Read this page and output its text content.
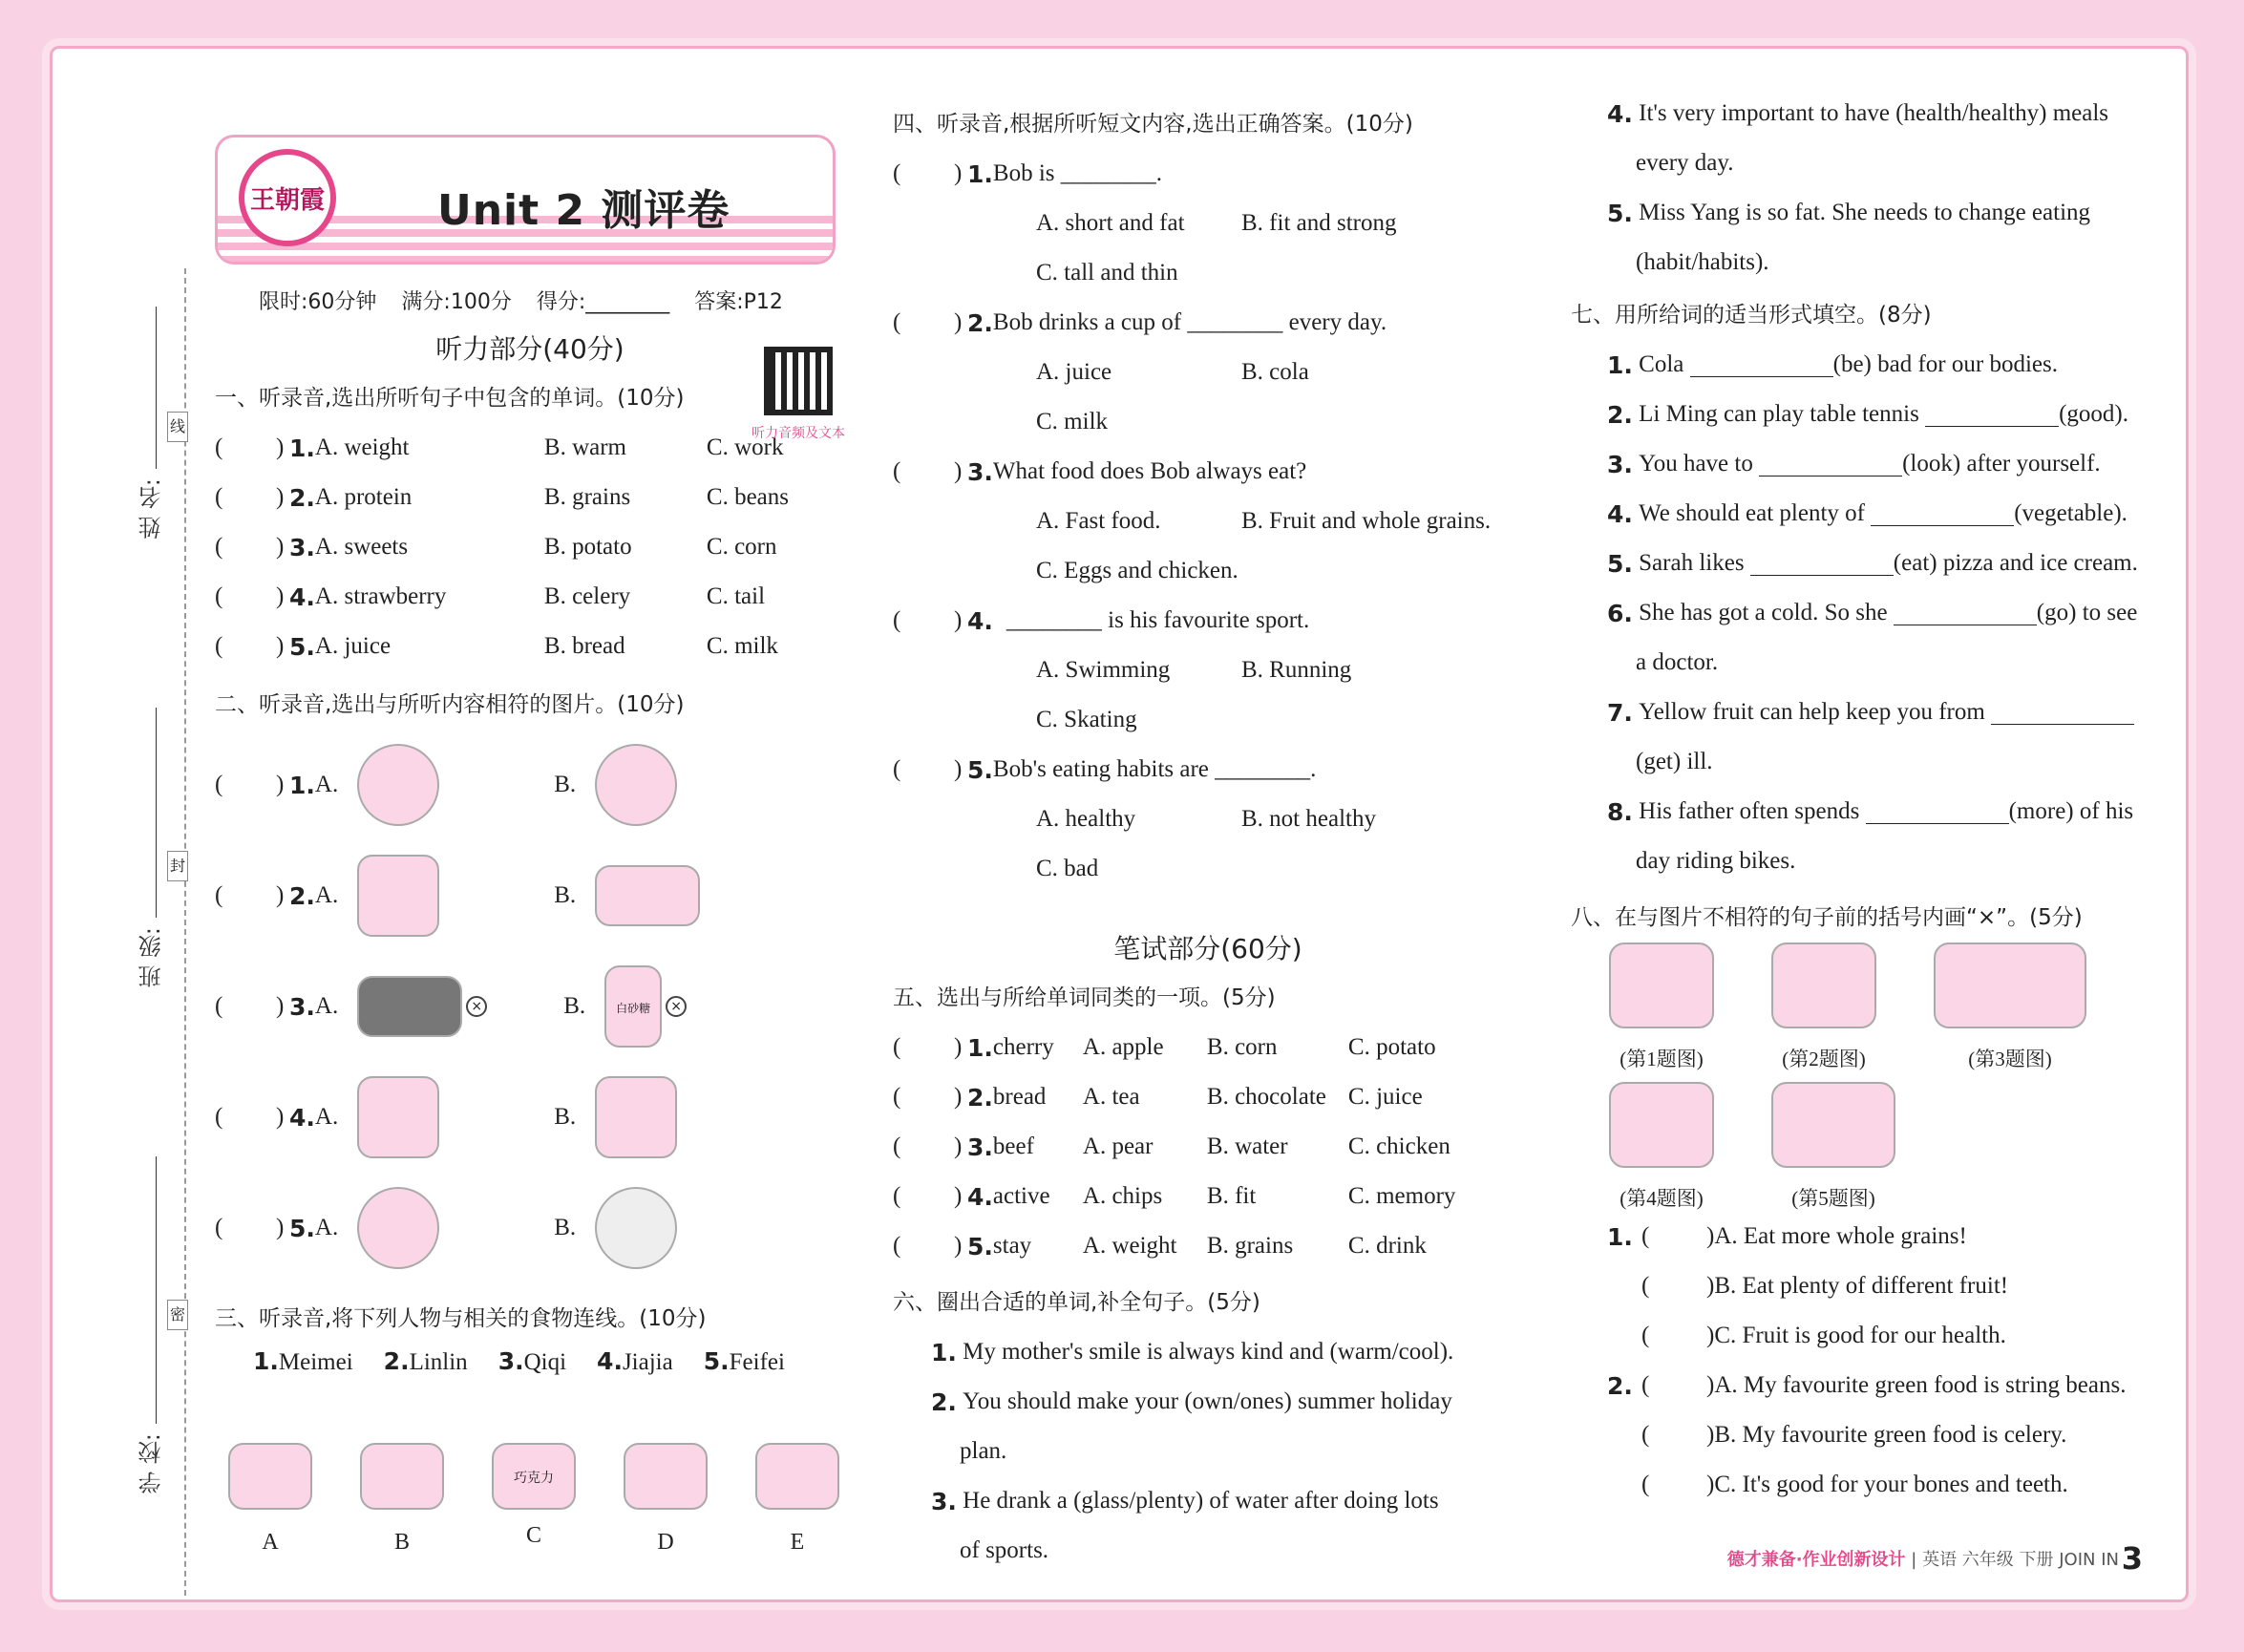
姓 名:
线
班 级:
封
学 校:
密
王朝霞	Unit 2 测评卷
限时:60分钟 满分:100分 得分:________ 答案:P12
听力音频及文本
听力部分(40分)
一、听录音,选出所听句子中包含的单词。(10分)
(	) 1. A. weight	B. warm	C. work
(	) 2. A. protein	B. grains	C. beans
(	) 3. A. sweets	B. potato	C. corn
(	) 4. A. strawberry	B. celery	C. tail
(	) 5. A. juice	B. bread	C. milk
二、听录音,选出与所听内容相符的图片。(10分)
(	) 1. A.	B.
(	) 2. A.	B.
(	) 3. A.	×	B.	白砂糖	×
(	) 4. A.	B.
(	) 5. A.	B.
三、听录音,将下列人物与相关的食物连线。(10分)
1.Meimei 2.Linlin 3.Qiqi 4.Jiajia 5.Feifei
A	B
巧克力
C	D	E
四、听录音,根据所听短文内容,选出正确答案。(10分)
(	) 1. Bob is ________.
A. short and fat	B. fit and strong
C. tall and thin
(	) 2. Bob drinks a cup of ________ every day.
A. juice	B. cola
C. milk
(	) 3. What food does Bob always eat?
A. Fast food.	B. Fruit and whole grains.
C. Eggs and chicken.
(	) 4. ________ is his favourite sport.
A. Swimming	B. Running
C. Skating
(	) 5. Bob's eating habits are ________.
A. healthy	B. not healthy
C. bad
笔试部分(60分)
五、选出与所给单词同类的一项。(5分)
(	) 1. cherry	A. apple	B. corn	C. potato
(	) 2. bread	A. tea	B. chocolate C. juice
(	) 3. beef	A. pear	B. water	C. chicken
(	) 4. active	A. chips	B. fit	C. memory
(	) 5. stay	A. weight	B. grains	C. drink
六、圈出合适的单词,补全句子。(5分)
1.
My mother's smile is always kind and (warm/cool).
2.
You should make your (own/ones) summer holiday
plan.
3.
He drank a (glass/plenty) of water after doing lots
of sports.
4.
It's very important to have (health/healthy) meals
every day.
5.
Miss Yang is so fat. She needs to change eating
(habit/habits).
七、用所给词的适当形式填空。(8分)
1.
Cola
	(be) bad for our bodies.
2.
Li Ming can play table tennis
	(good).
3.
You have to
	(look) after yourself.
4.
We should eat plenty of
	(vegetable).
5.
Sarah likes
	(eat) pizza and ice cream.
6.
She has got a cold. So she
	(go) to see
a doctor.
7.
Yellow fruit can help keep you from

(get) ill.
8.
His father often spends
	(more) of his
day riding bikes.
八、在与图片不相符的句子前的括号内画“×”。(5分)
(第1题图)	(第2题图)	(第3题图)
(第4题图)	(第5题图)
1. (	)A. Eat more whole grains!
(	)B. Eat plenty of different fruit!
(	)C. Fruit is good for our health.
2. (	)A. My favourite green food is string beans.
(	)B. My favourite green food is celery.
(	)C. It's good for your bones and teeth.
德才兼备·作业创新设计 | 英语 六年级 下册 JOIN IN 3
